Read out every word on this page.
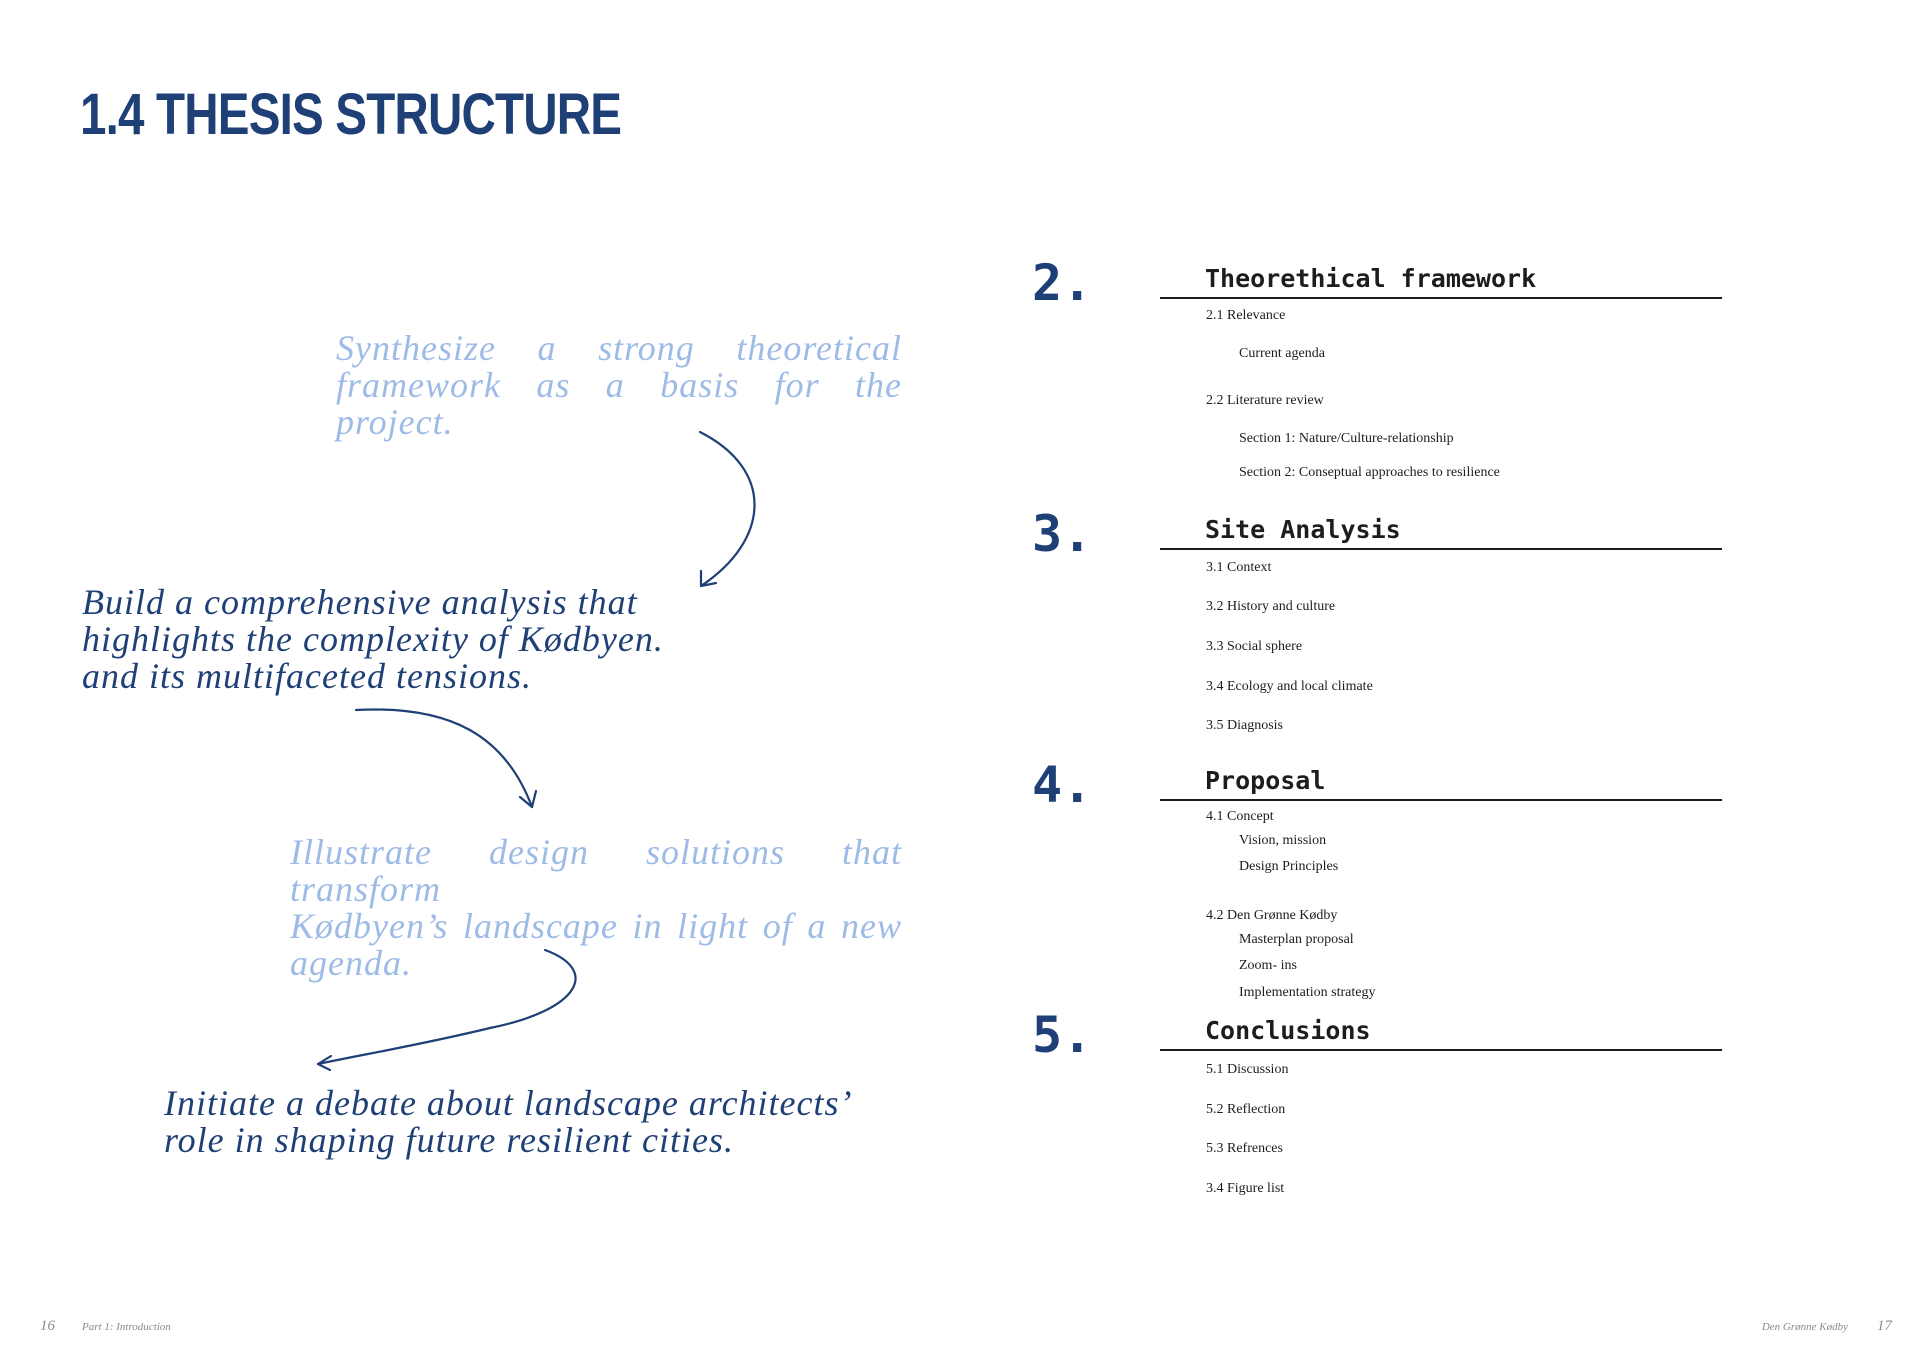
1.4 THESIS STRUCTURE

Synthesize a strong theoretical
framework as a basis for the project.

Build a comprehensive analysis that
highlights the complexity of Kødbyen.
and its multifaceted tensions.

Illustrate design solutions that transform
Kødbyen’s landscape in light of a new
agenda.

Initiate a debate about landscape architects’
role in shaping future resilient cities.

2.	Theorethical framework

2.1 Relevance

Current agenda

2.2 Literature review

Section 1: Nature/Culture-relationship

Section 2: Conseptual approaches to resilience

3.	Site Analysis

3.1 Context

3.2 History and culture

3.3 Social sphere

3.4 Ecology and local climate

3.5 Diagnosis

4.	Proposal

4.1 Concept

Vision, mission

Design Principles

4.2 Den Grønne Kødby

Masterplan proposal

Zoom- ins

Implementation strategy

5.	Conclusions

5.1 Discussion

5.2 Reflection

5.3 Refrences

3.4 Figure list

16 Part 1: Introduction	Den Grønne Kødby 17
